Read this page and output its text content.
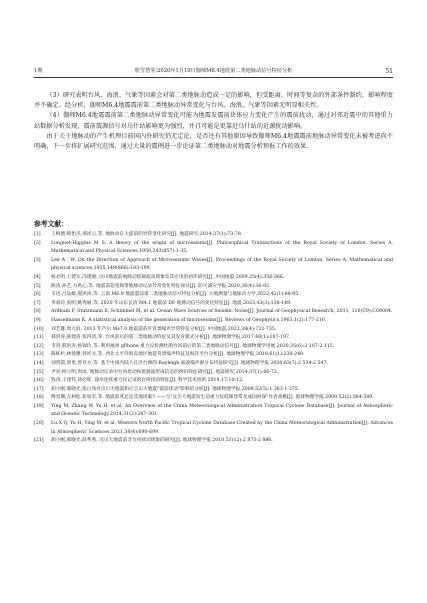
1期	欣雪慧等:2020年1月19日伽师M6.4地震第二类地脉动信号特征分析	51

（3）研究表明台风、海浪、气象等因素会对第二类地脉动造成一定的影响，但受距离、时间等复杂的外部条件制约，影响程度并不确定。经分析，伽师M6.4地震震前第二类地脉动异常变化与台风、海浪、气象等因素无明显相关性。

（4）伽师M6.4地震震前第二类地脉动异常变化可能为地震发震前块体应力变化产生的震前扰动，通过对邻近震中的其他重力站数据分析发现，震前震源信号对乌什站影响更为强烈，并且可能是更靠近乌什站的近源扰动影响。

由于关于地脉动的产生机理目前国内外研究仍无定论，是否还有其他原因导致伽师M6.4地震震前地脉动异常变化未被考虑尚不明确，下一步将扩展研究范围，通过大量的震例进一步论证第二类地脉动对地震分析预报工作的效果。

参考文献：
[1] 王梅德,韩怡杰,邢祥云,等. 地脉动在大震前的异常变化研究[J]. 地震研究,2014,37(1):73-78.
[2] Longuet-Higgins M S. A theory of the origin of microseisms[J]. Philosophical Transactions of the Royal Society of London. Series A. Mathematical and Physical Sciences,1950,243(857):1-35.
[3] Lee A . W. On the Direction of Approach of Microseismic Waves[J]. Proceedings of the Royal Society of London. Series A, Mathematical and physical sciences,1935,149(866):183-199.
[4] 杨必明,王建军,冯建刚. 汶川地震前地脉动低频波动现象及其应用的初步研究[J]. 中国地震,2009,25(4):356-366.
[5] 熊涛,孙艺,方禹心,等. 地震前超宽频带地脉动记录异常变化特征探讨[J]. 防灾减灾学报,2020,36(4):36-92.
[6] 韦进,吕品姬,郝洪涛,等. 云南 M6.9 地震震前第二类地脉动信号特征分析[J]. 大地测量与地球动力学,2022,42(1):88-95.
[7] 李嘉玲,张明,姚秀丽,等. 2020 年山东长清 M4.1 地震前 DF 地脉动信号的变化特征[J]. 地震,2023,43(3):138-149.
[8] Ardhuin F, Stutzmann E, Schimmel M, et al. Ocean Wave Sources of Seismic Noise[J]. Journal of Geophysical Research, 2011, 116(C9):C09004.
[9] Hasselmann K. A statistical analysis of the generation of microseisms[J]. Reviews of Geophysics,1963,1(2):177-210.
[10] 刘艺雄,周元浪. 2013 年芦山 Ms7.0 地震震前区背景噪声异常特征分析[J]. 中国地震,2022,38(4):722-735.
[11] 郝洪涛,韩建涛,张四清,等. 台风前后的第二类地脉动特征及其发育模式分析[J]. 地球物理学报,2017,60(1):187-197.
[12] 韦进,郝洪涛,杨锦玲,等. 利用福州 gPhone 重力仪检测杜鹃台风前后的第二类地脉动信号[J]. 地球物理学进展,2020,35(6):2 107-2 115.
[13] 陈栋杉,林建渊,曾祥方,等. 西北太平洋海岛地区地震背景噪声特征及海洋平台分析[J]. 地球物理学报,2018,61(1):230-240.
[14] 刘贤霞,郭勇,曾祥方,等. 基于中国内陆大孔径台网的 Rayleigh 面波噪声源分布特征研究[J]. 地球物理学报,2020,63(7):2 534-2 547.
[15] 尹亮,杨立明,周成. 地脉动记录中台风扰动和低频波形成信息的辨识特征研究[J]. 地震研究,2014,37(1):66-72.
[16] 钱涛,王建伟,徐必辉. 悬吊连续重力仪记录的台风扰动特征[J]. 科学技术创新,2019,17:10-12.
[17] 胡小刚,郝晓光,张白凤对汶川大地震和后尘山大地震"震前扰动"影响的分析[J]. 地球物理学报,2009,52(5):1 363-1 375.
[18] 傅容珊,万柯松,崔加军,等. 地震前兆还是其他因素? ——与"汶川大地震发生前重力仪低频异常及成因初探"作者商榷[J]. 地球物理学报,2009,52(2):584-589.
[19] Ying M, Zhang W, Yu H, et al. An Overview of the China Meteorological Administration Tropical Cyclone Database[J]. Journal of Atmospheric and Oceanic Technology,2014,31(2):287-301.
[20] Lu X Q, Yu H, Ying M, et al. Western North Pacific Tropical Cyclone Database Created by the China Meteorological Administration[J]. Advances in Atmospheric Sciences,2021,38(4):690-699.
[21] 胡小刚,郝晓光,薛秀秀. 汶川大地震前非台风扰动现象的研究[J]. 地球物理学报,2010,53(12):2 875-2 886.
